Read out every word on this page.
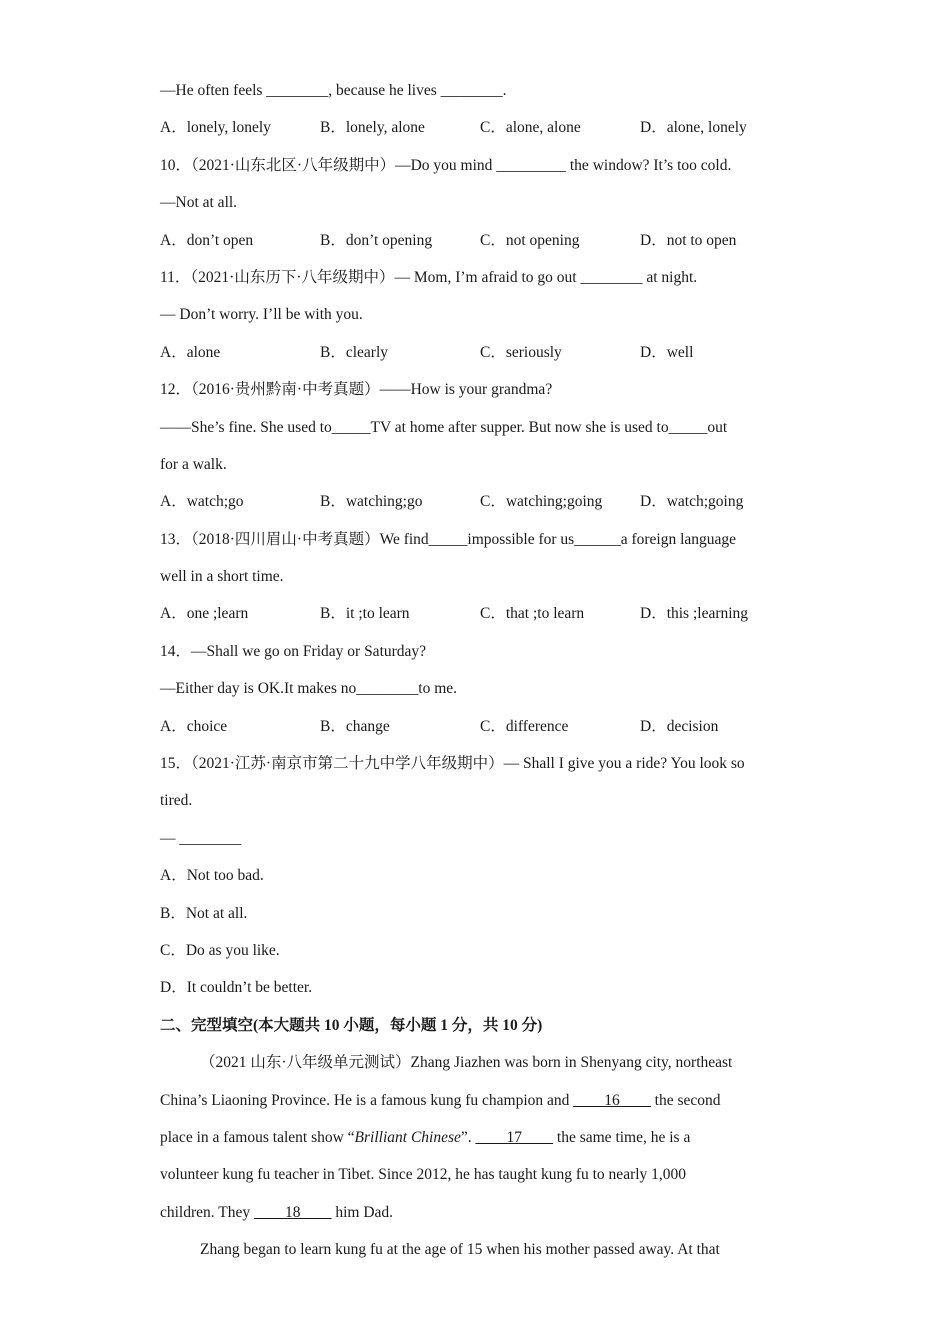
—He often feels ________, because he lives ________.
A．lonely, lonely	B．lonely, alone	C．alone, alone	D．alone, lonely
10．（2021·山东北区·八年级期中）—Do you mind _________ the window? It’s too cold.
—Not at all.
A．don’t open	B．don’t opening	C．not opening	D．not to open
11．（2021·山东历下·八年级期中）— Mom, I’m afraid to go out ________ at night.
— Don’t worry. I’ll be with you.
A．alone	B．clearly	C．seriously	D．well
12．（2016·贵州黔南·中考真题）——How is your grandma?
——She’s fine. She used to_____TV at home after supper. But now she is used to_____out
for a walk.
A．watch;go	B．watching;go	C．watching;going	D．watch;going
13．（2018·四川眉山·中考真题）We find_____impossible for us______a foreign language
well in a short time.
A．one ;learn	B．it ;to learn	C．that ;to learn	D．this ;learning
14．—Shall we go on Friday or Saturday?
—Either day is OK.It makes no________to me.
A．choice	B．change	C．difference	D．decision
15．（2021·江苏·南京市第二十九中学八年级期中）— Shall I give you a ride? You look so
tired.
— ________
A．Not too bad.
B．Not at all.
C．Do as you like.
D．It couldn’t be better.
二、完型填空(本大题共 10 小题，每小题 1 分，共 10 分)
（2021 山东·八年级单元测试）Zhang Jiazhen was born in Shenyang city, northeast
China’s Liaoning Province. He is a famous kung fu champion and ____16____ the second
place in a famous talent show “Brilliant Chinese”. ____17____ the same time, he is a
volunteer kung fu teacher in Tibet. Since 2012, he has taught kung fu to nearly 1,000
children. They ____18____ him Dad.
Zhang began to learn kung fu at the age of 15 when his mother passed away. At that
